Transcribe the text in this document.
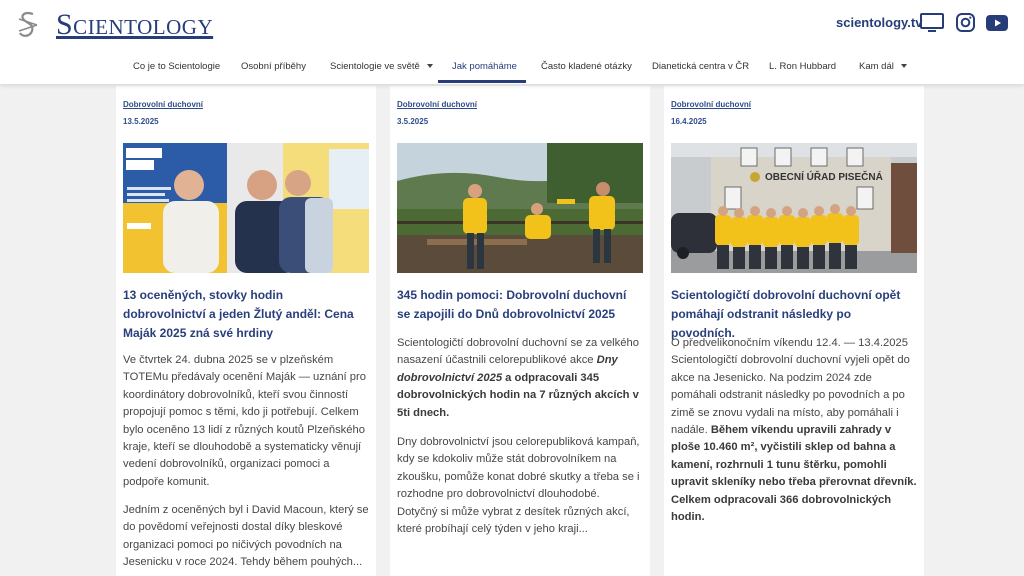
Scientology	scientology.tv
Co je to Scientologie Osobní příběhy	Scientologie ve světě	Jak pomáháme	Často kladené otázky Dianetická centra v ČR L. Ron Hubbard Kam dál
Dobrovolní duchovní
13.5.2025
13 oceněných, stovky hodin dobrovolnictví a jeden Žlutý anděl: Cena Maják 2025 zná své hrdiny

Ve čtvrtek 24. dubna 2025 se v plzeňském TOTEMu předávaly ocenění Maják — uznání pro koordinátory dobrovolníků, kteří svou činností propojují pomoc s těmi, kdo ji potřebují. Celkem bylo oceněno 13 lidí z různých koutů Plzeňského kraje, kteří se dlouhodobě a systematicky věnují vedení dobrovolníků, organizaci pomoci a podpoře komunit.

Jedním z oceněných byl i David Macoun, který se do povědomí veřejnosti dostal díky bleskové organizaci pomoci po ničivých povodních na Jesenicku v roce 2024. Tehdy během pouhých...

Dobrovolní duchovní
3.5.2025
345 hodin pomoci: Dobrovolní duchovní se zapojili do Dnů dobrovolnictví 2025

Scientologičtí dobrovolní duchovní se za velkého nasazení účastnili celorepublikové akce Dny dobrovolnictví 2025 a odpracovali 345 dobrovolnických hodin na 7 různých akcích v 5ti dnech.

Dny dobrovolnictví jsou celorepubliková kampaň, kdy se kdokoliv může stát dobrovolníkem na zkoušku, pomůže konat dobré skutky a třeba se i rozhodne pro dobrovolnictví dlouhodobé. Dotyčný si může vybrat z desítek různých akcí, které probíhají celý týden v jeho kraji...

Dobrovolní duchovní
16.4.2025
OBECNÍ ÚŘAD PISEČNÁ
Scientologičtí dobrovolní duchovní opět pomáhají odstranit následky po povodních.

O předvelikonočním víkendu 12.4. — 13.4.2025 Scientologičtí dobrovolní duchovní vyjeli opět do akce na Jesenicko. Na podzim 2024 zde pomáhali odstranit následky po povodních a po zimě se znovu vydali na místo, aby pomáhali i nadále. Během víkendu upravili zahrady v ploše 10.460 m², vyčistili sklep od bahna a kamení, rozhrnuli 1 tunu štěrku, pomohli upravit skleníky nebo třeba přerovnat dřevník. Celkem odpracovali 366 dobrovolnických hodin.
